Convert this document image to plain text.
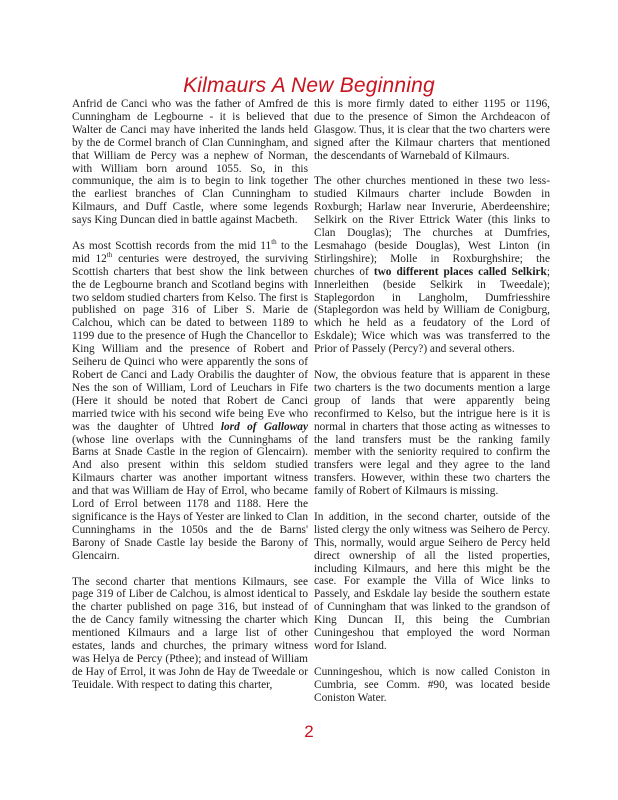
Kilmaurs A New Beginning

Anfrid de Canci who was the father of Amfred de Cunningham de Legbourne - it is believed that Walter de Canci may have inherited the lands held by the de Cormel branch of Clan Cunningham, and that William de Percy was a nephew of Norman, with William born around 1055. So, in this communique, the aim is to begin to link together the earliest branches of Clan Cunningham to Kilmaurs, and Duff Castle, where some legends says King Duncan died in battle against Macbeth.

As most Scottish records from the mid 11th to the mid 12th centuries were destroyed, the surviving Scottish charters that best show the link between the de Legbourne branch and Scotland begins with two seldom studied charters from Kelso. The first is published on page 316 of Liber S. Marie de Calchou, which can be dated to between 1189 to 1199 due to the presence of Hugh the Chancellor to King William and the presence of Robert and Seiheru de Quinci who were apparently the sons of Robert de Canci and Lady Orabilis the daughter of Nes the son of William, Lord of Leuchars in Fife (Here it should be noted that Robert de Canci married twice with his second wife being Eve who was the daughter of Uhtred lord of Galloway (whose line overlaps with the Cunninghams of Barns at Snade Castle in the region of Glencairn). And also present within this seldom studied Kilmaurs charter was another important witness and that was William de Hay of Errol, who became Lord of Errol between 1178 and 1188. Here the significance is the Hays of Yester are linked to Clan Cunninghams in the 1050s and the de Barns' Barony of Snade Castle lay beside the Barony of Glencairn.

The second charter that mentions Kilmaurs, see page 319 of Liber de Calchou, is almost identical to the charter published on page 316, but instead of the de Cancy family witnessing the charter which mentioned Kilmaurs and a large list of other estates, lands and churches, the primary witness was Helya de Percy (Pthee); and instead of William de Hay of Errol, it was John de Hay de Tweedale or Teuidale. With respect to dating this charter,

this is more firmly dated to either 1195 or 1196, due to the presence of Simon the Archdeacon of Glasgow. Thus, it is clear that the two charters were signed after the Kilmaur charters that mentioned the descendants of Warnebald of Kilmaurs.

The other churches mentioned in these two less-studied Kilmaurs charter include Bowden in Roxburgh; Harlaw near Inverurie, Aberdeenshire; Selkirk on the River Ettrick Water (this links to Clan Douglas); The churches at Dumfries, Lesmahago (beside Douglas), West Linton (in Stirlingshire); Molle in Roxburghshire; the churches of two different places called Selkirk; Innerleithen (beside Selkirk in Tweedale); Staplegordon in Langholm, Dumfriesshire (Staplegordon was held by William de Conigburg, which he held as a feudatory of the Lord of Eskdale); Wice which was was transferred to the Prior of Passely (Percy?) and several others.

Now, the obvious feature that is apparent in these two charters is the two documents mention a large group of lands that were apparently being reconfirmed to Kelso, but the intrigue here is it is normal in charters that those acting as witnesses to the land transfers must be the ranking family member with the seniority required to confirm the transfers were legal and they agree to the land transfers. However, within these two charters the family of Robert of Kilmaurs is missing.

In addition, in the second charter, outside of the listed clergy the only witness was Seihero de Percy. This, normally, would argue Seihero de Percy held direct ownership of all the listed properties, including Kilmaurs, and here this might be the case. For example the Villa of Wice links to Passely, and Eskdale lay beside the southern estate of Cunningham that was linked to the grandson of King Duncan II, this being the Cumbrian Cuningeshou that employed the word Norman word for Island.

Cunningeshou, which is now called Coniston in Cumbria, see Comm. #90, was located beside Coniston Water.

2
